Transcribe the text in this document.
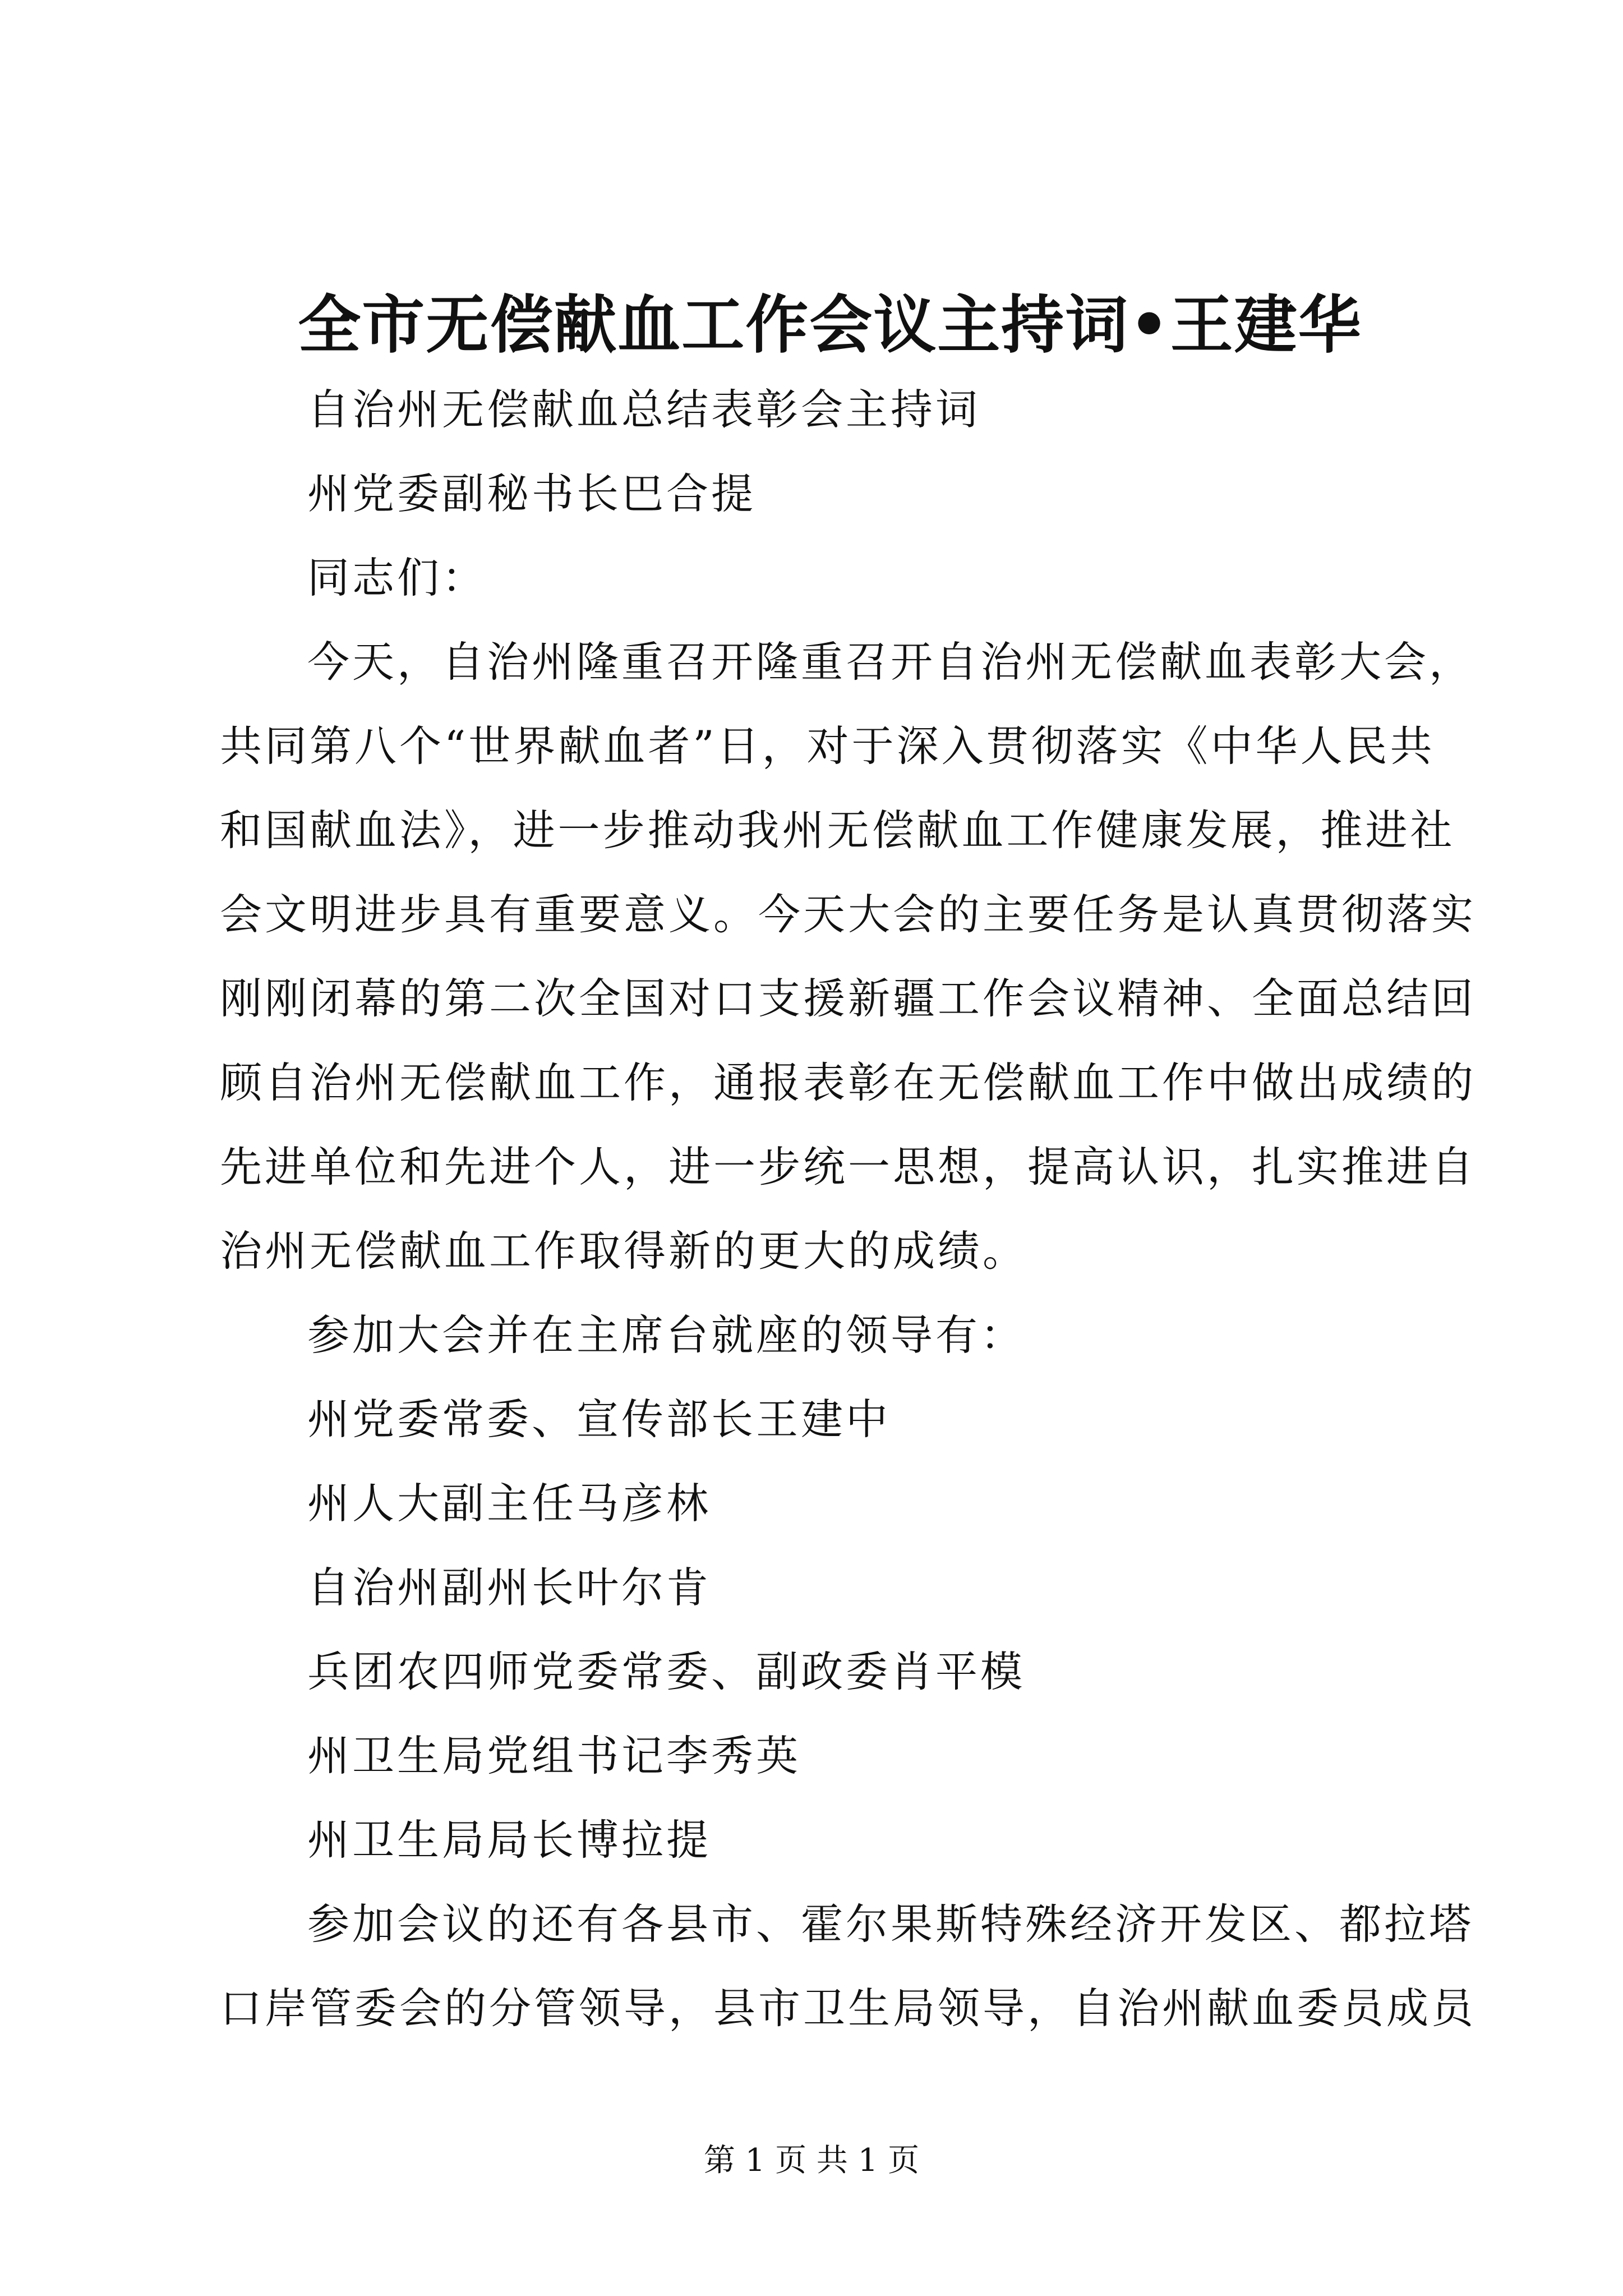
全市无偿献血工作会议主持词•王建华
自治州无偿献血总结表彰会主持词
州党委副秘书长巴合提
同志们：
今天，自治州隆重召开隆重召开自治州无偿献血表彰大会，
共同第八个“世界献血者”日，对于深入贯彻落实《中华人民共
和国献血法》，进一步推动我州无偿献血工作健康发展，推进社
会文明进步具有重要意义。今天大会的主要任务是认真贯彻落实
刚刚闭幕的第二次全国对口支援新疆工作会议精神、全面总结回
顾自治州无偿献血工作，通报表彰在无偿献血工作中做出成绩的
先进单位和先进个人，进一步统一思想，提高认识，扎实推进自
治州无偿献血工作取得新的更大的成绩。
参加大会并在主席台就座的领导有：
州党委常委、宣传部长王建中
州人大副主任马彦林
自治州副州长叶尔肯
兵团农四师党委常委、副政委肖平模
州卫生局党组书记李秀英
州卫生局局长博拉提
参加会议的还有各县市、霍尔果斯特殊经济开发区、都拉塔
口岸管委会的分管领导，县市卫生局领导，自治州献血委员成员
第 1 页 共 1 页
